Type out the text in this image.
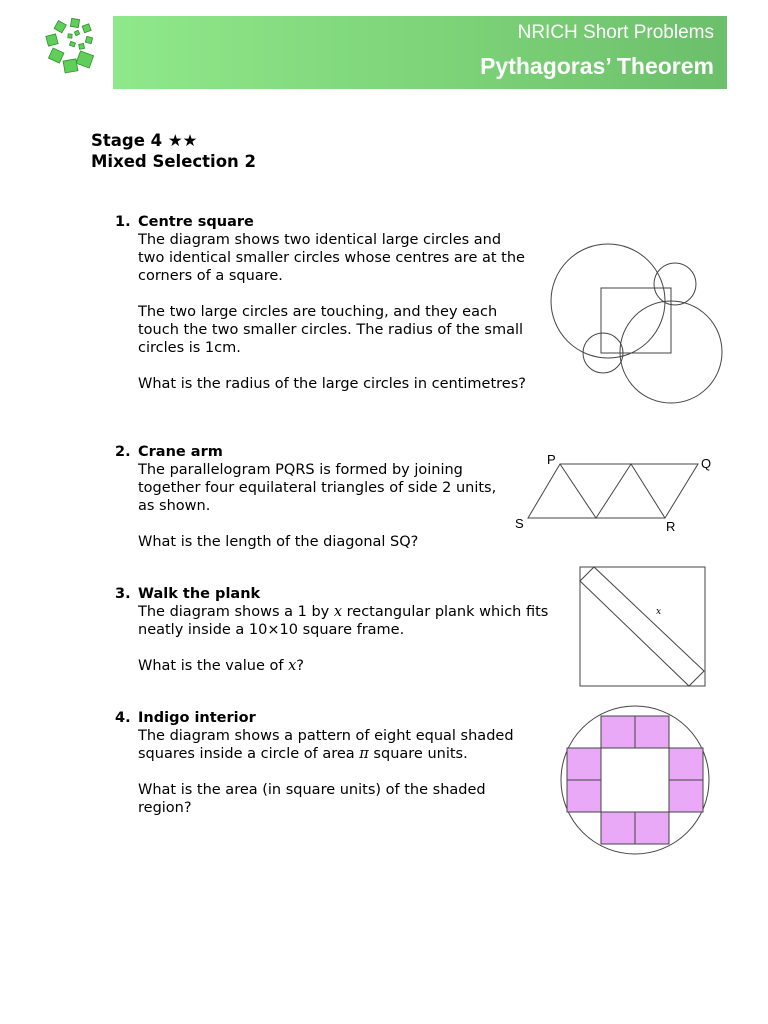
NRICH Short Problems
Pythagoras’ Theorem
Stage 4 ★★
Mixed Selection 2
1. Centre square

The diagram shows two identical large circles and two identical smaller circles whose centres are at the corners of a square.

The two large circles are touching, and they each touch the two smaller circles. The radius of the small circles is 1cm.

What is the radius of the large circles in centimetres?

2. Crane arm

The parallelogram PQRS is formed by joining together four equilateral triangles of side 2 units, as shown.

What is the length of the diagonal SQ?

P	Q
R
S
3. Walk the plank

The diagram shows a 1 by x rectangular plank which fits neatly inside a 10×10 square frame.

What is the value of x?

x
4. Indigo interior

The diagram shows a pattern of eight equal shaded squares inside a circle of area π square units.

What is the area (in square units) of the shaded region?
